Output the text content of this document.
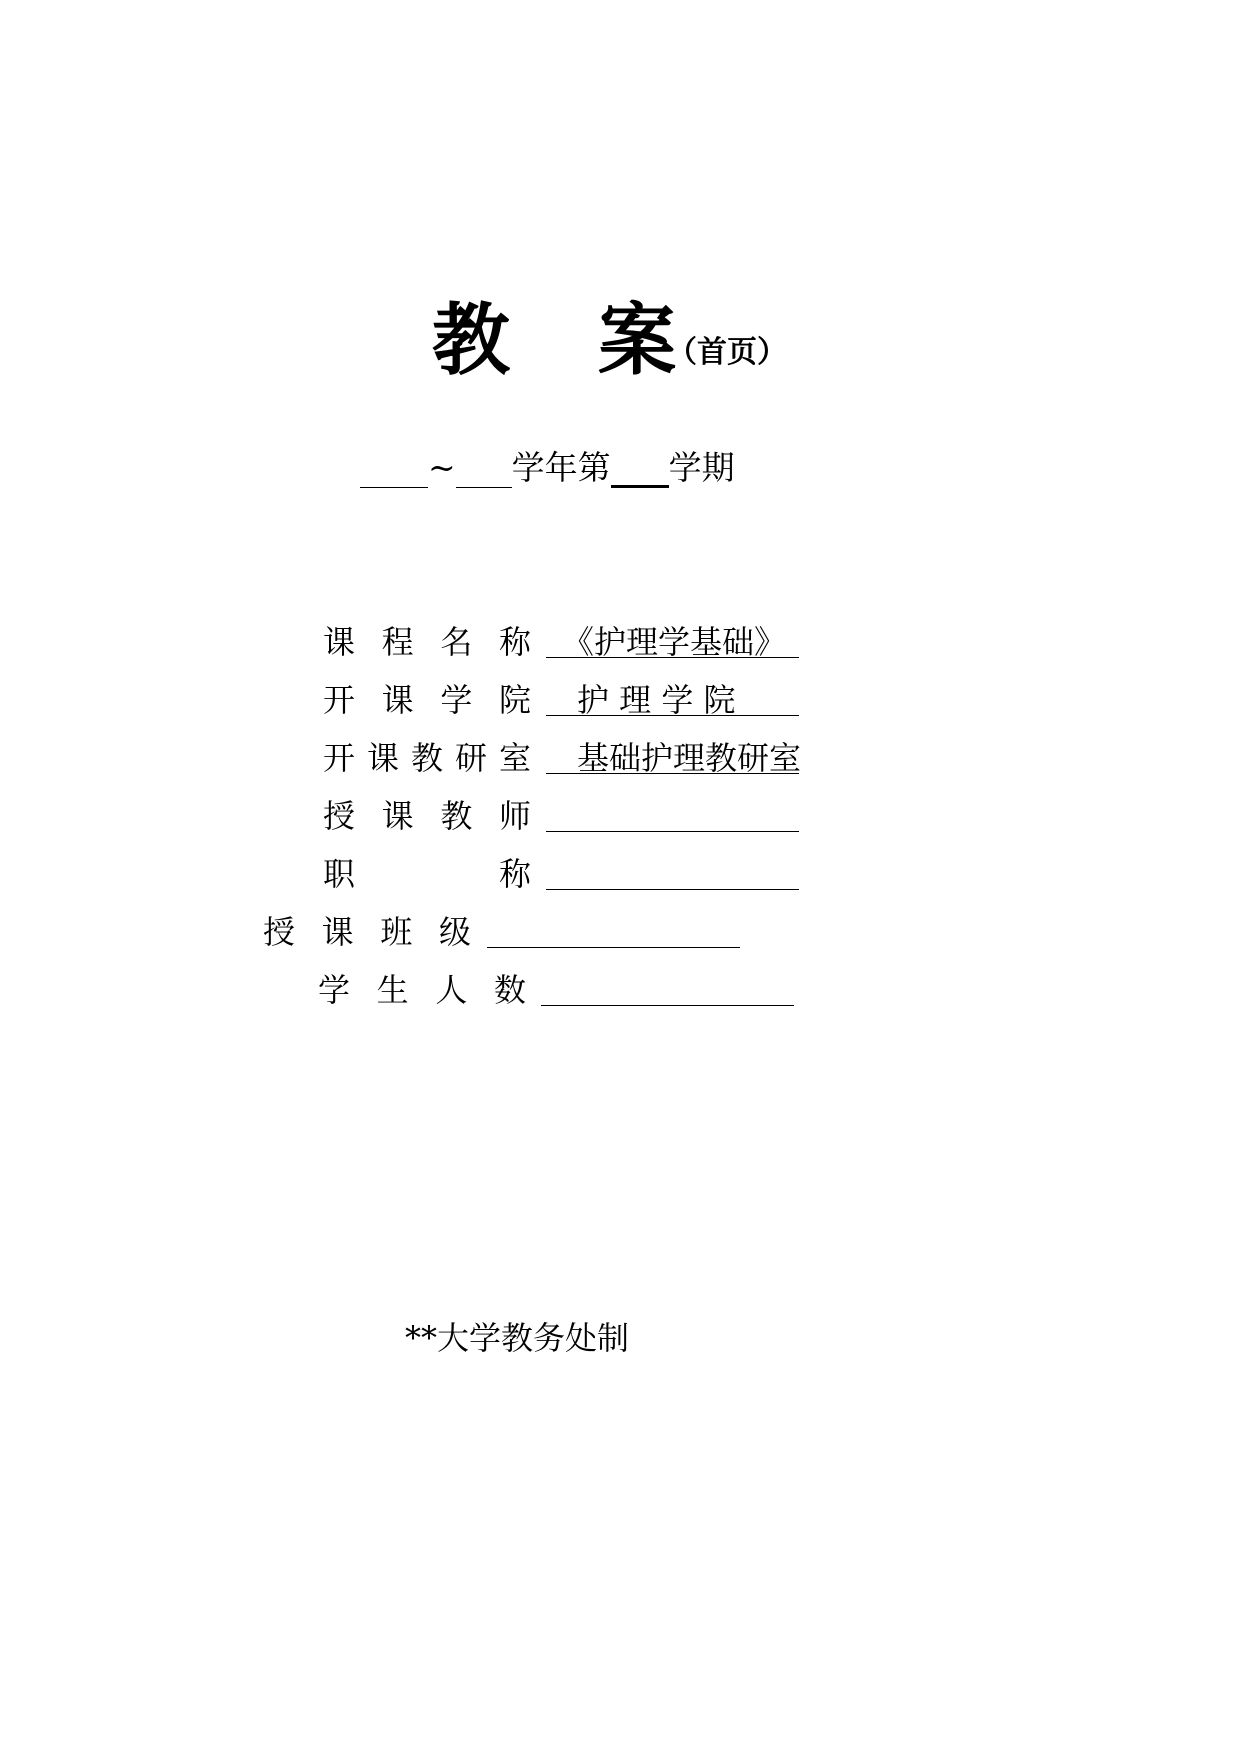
教 案
（首页）
~ 学年第 学期
课 程 名 称 《护理学基础》
开 课 学 院	护 理 学 院
开 课 教 研 室	基础护理教研室
授 课 教 师
职	称
授 课 班 级
学 生 人 数
**大学教务处制
